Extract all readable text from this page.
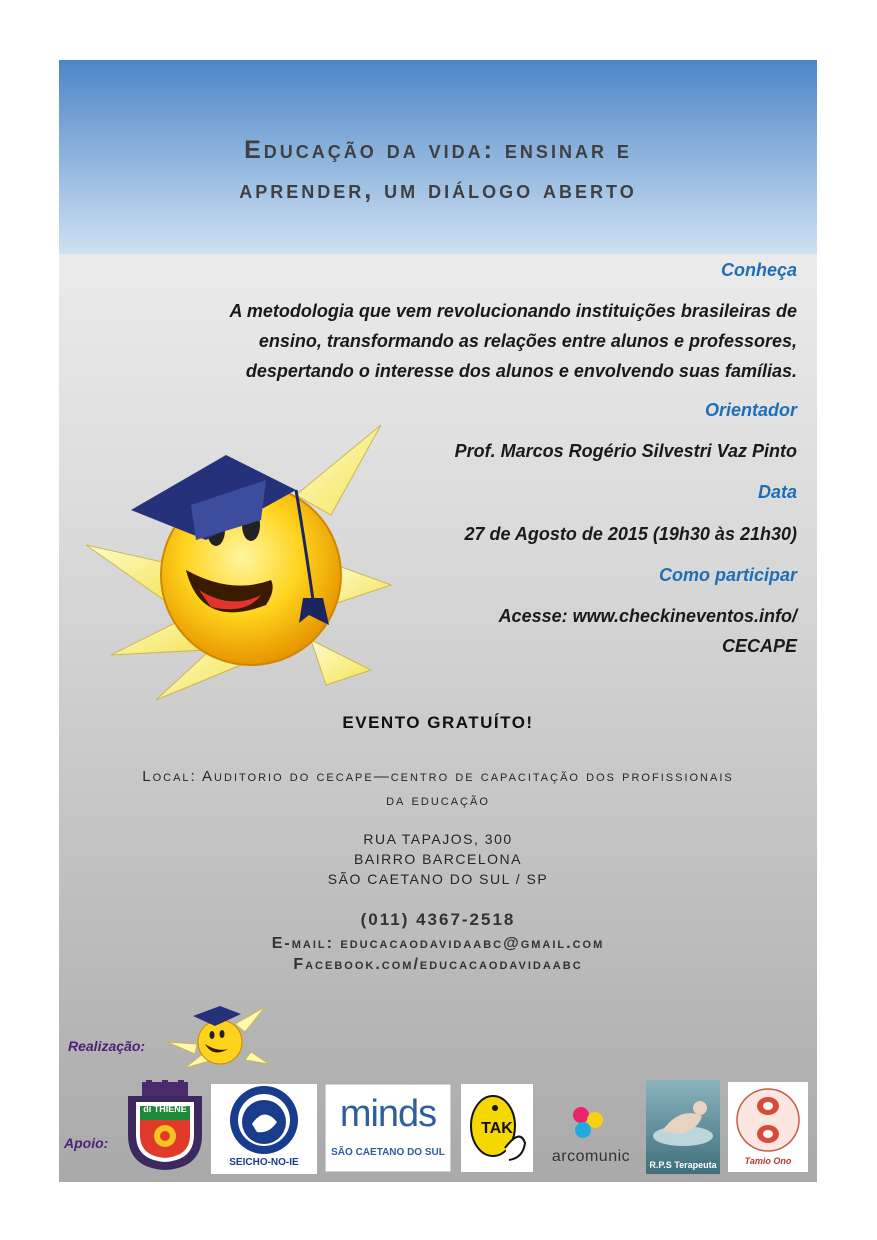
Educação da vida: ensinar e
aprender, um diálogo aberto

Conheça

A metodologia que vem revolucionando instituições brasileiras de
ensino, transformando as relações entre alunos e professores,
despertando o interesse dos alunos e envolvendo suas famílias.

Orientador

Prof. Marcos Rogério Silvestri Vaz Pinto

Data

27 de Agosto de 2015 (19h30 às 21h30)

Como participar

Acesse: www.checkineventos.info/
CECAPE
EVENTO GRATUÍTO!
Local: Auditorio do cecape—centro de capacitação dos profissionais
da educação
RUA TAPAJOS, 300
BAIRRO BARCELONA
SÃO CAETANO DO SUL / SP
(011) 4367-2518
E-mail: educacaodavidaabc@gmail.com
Facebook.com/educacaodavidaabc
Realização:
Apoio:
di THIENE
SEICHO-NO-IE
minds
SÃO CAETANO DO SUL
TAK
arcomunic	R.P.S Terapeuta	Tamio Ono
